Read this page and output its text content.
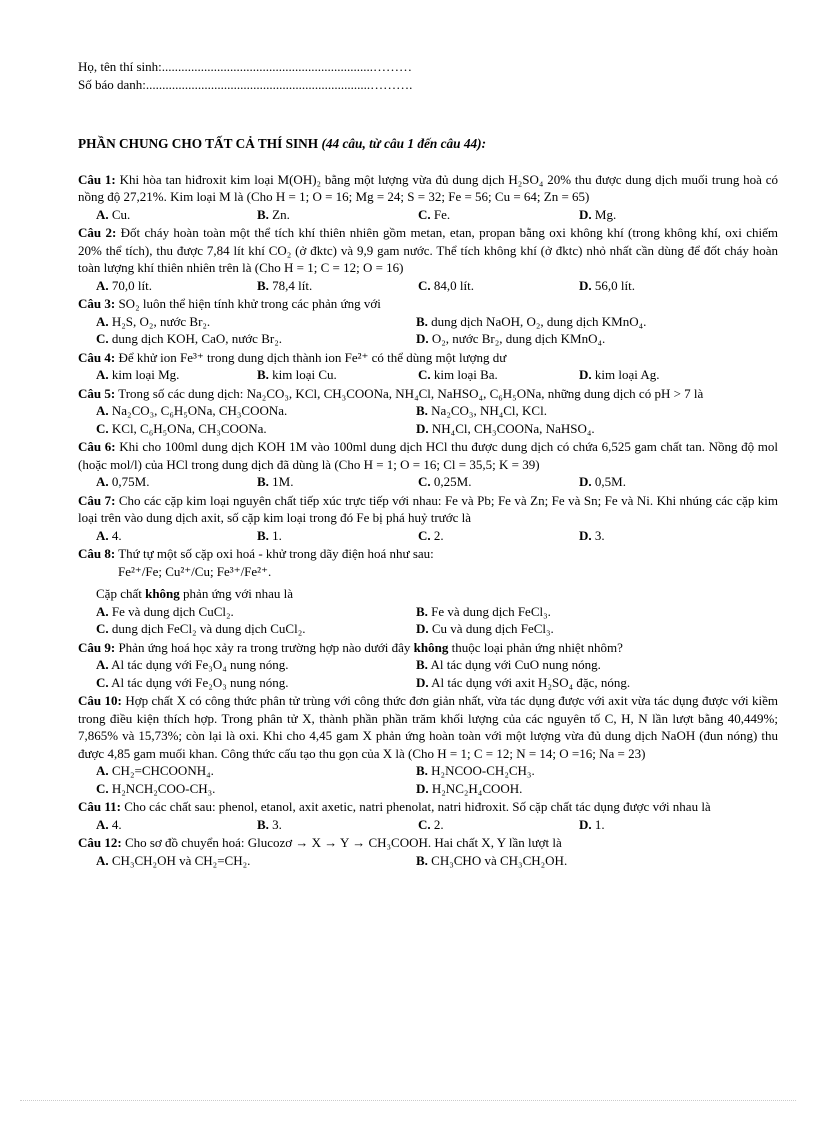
Họ, tên thí sinh:.................................................................………

Số báo danh:.....................................................................……….

PHẦN CHUNG CHO TẤT CẢ THÍ SINH (44 câu, từ câu 1 đến câu 44):

Câu 1: Khi hòa tan hiđroxit kim loại M(OH)₂ bằng một lượng vừa đủ dung dịch H₂SO₄ 20% thu được dung dịch muối trung hoà có nồng độ 27,21%. Kim loại M là (Cho H = 1; O = 16; Mg = 24; S = 32; Fe = 56; Cu = 64; Zn = 65)

A. Cu.	B. Zn.	C. Fe.	D. Mg.

Câu 2: Đốt cháy hoàn toàn một thể tích khí thiên nhiên gồm metan, etan, propan bằng oxi không khí (trong không khí, oxi chiếm 20% thể tích), thu được 7,84 lít khí CO₂ (ở đktc) và 9,9 gam nước. Thể tích không khí (ở đktc) nhỏ nhất cần dùng để đốt cháy hoàn toàn lượng khí thiên nhiên trên là (Cho H = 1; C = 12; O = 16)

A. 70,0 lít.	B. 78,4 lít.	C. 84,0 lít.	D. 56,0 lít.

Câu 3: SO₂ luôn thể hiện tính khử trong các phản ứng với

A. H₂S, O₂, nước Br₂.	B. dung dịch NaOH, O₂, dung dịch KMnO₄.
C. dung dịch KOH, CaO, nước Br₂.	D. O₂, nước Br₂, dung dịch KMnO₄.

Câu 4: Để khử ion Fe³⁺ trong dung dịch thành ion Fe²⁺ có thể dùng một lượng dư

A. kim loại Mg.	B. kim loại Cu.	C. kim loại Ba.	D. kim loại Ag.

Câu 5: Trong số các dung dịch: Na₂CO₃, KCl, CH₃COONa, NH₄Cl, NaHSO₄, C₆H₅ONa, những dung dịch có pH > 7 là

A. Na₂CO₃, C₆H₅ONa, CH₃COONa.	B. Na₂CO₃, NH₄Cl, KCl.
C. KCl, C₆H₅ONa, CH₃COONa.	D. NH₄Cl, CH₃COONa, NaHSO₄.

Câu 6: Khi cho 100ml dung dịch KOH 1M vào 100ml dung dịch HCl thu được dung dịch có chứa 6,525 gam chất tan. Nồng độ mol (hoặc mol/l) của HCl trong dung dịch đã dùng là (Cho H = 1; O = 16; Cl = 35,5; K = 39)

A. 0,75M.	B. 1M.	C. 0,25M.	D. 0,5M.

Câu 7: Cho các cặp kim loại nguyên chất tiếp xúc trực tiếp với nhau: Fe và Pb; Fe và Zn; Fe và Sn; Fe và Ni. Khi nhúng các cặp kim loại trên vào dung dịch axit, số cặp kim loại trong đó Fe bị phá huỷ trước là

A. 4.	B. 1.	C. 2.	D. 3.

Câu 8: Thứ tự một số cặp oxi hoá - khử trong dãy điện hoá như sau:

Fe²⁺/Fe; Cu²⁺/Cu; Fe³⁺/Fe²⁺.

Cặp chất không phản ứng với nhau là

A. Fe và dung dịch CuCl₂.	B. Fe và dung dịch FeCl₃.
C. dung dịch FeCl₂ và dung dịch CuCl₂.	D. Cu và dung dịch FeCl₃.

Câu 9: Phản ứng hoá học xảy ra trong trường hợp nào dưới đây không thuộc loại phản ứng nhiệt nhôm?

A. Al tác dụng với Fe₃O₄ nung nóng.	B. Al tác dụng với CuO nung nóng.
C. Al tác dụng với Fe₂O₃ nung nóng.	D. Al tác dụng với axit H₂SO₄ đặc, nóng.

Câu 10: Hợp chất X có công thức phân tử trùng với công thức đơn giản nhất, vừa tác dụng được với axit vừa tác dụng được với kiềm trong điều kiện thích hợp. Trong phân tử X, thành phần phần trăm khối lượng của các nguyên tố C, H, N lần lượt bằng 40,449%; 7,865% và 15,73%; còn lại là oxi. Khi cho 4,45 gam X phản ứng hoàn toàn với một lượng vừa đủ dung dịch NaOH (đun nóng) thu được 4,85 gam muối khan. Công thức cấu tạo thu gọn của X là (Cho H = 1; C = 12; N = 14; O =16; Na = 23)

A. CH₂=CHCOONH₄.	B. H₂NCOO-CH₂CH₃.
C. H₂NCH₂COO-CH₃.	D. H₂NC₂H₄COOH.

Câu 11: Cho các chất sau: phenol, etanol, axit axetic, natri phenolat, natri hiđroxit. Số cặp chất tác dụng được với nhau là

A. 4.	B. 3.	C. 2.	D. 1.

Câu 12: Cho sơ đồ chuyển hoá: Glucozơ → X → Y → CH₃COOH. Hai chất X, Y lần lượt là

A. CH₃CH₂OH và CH₂=CH₂.	B. CH₃CHO và CH₃CH₂OH.
